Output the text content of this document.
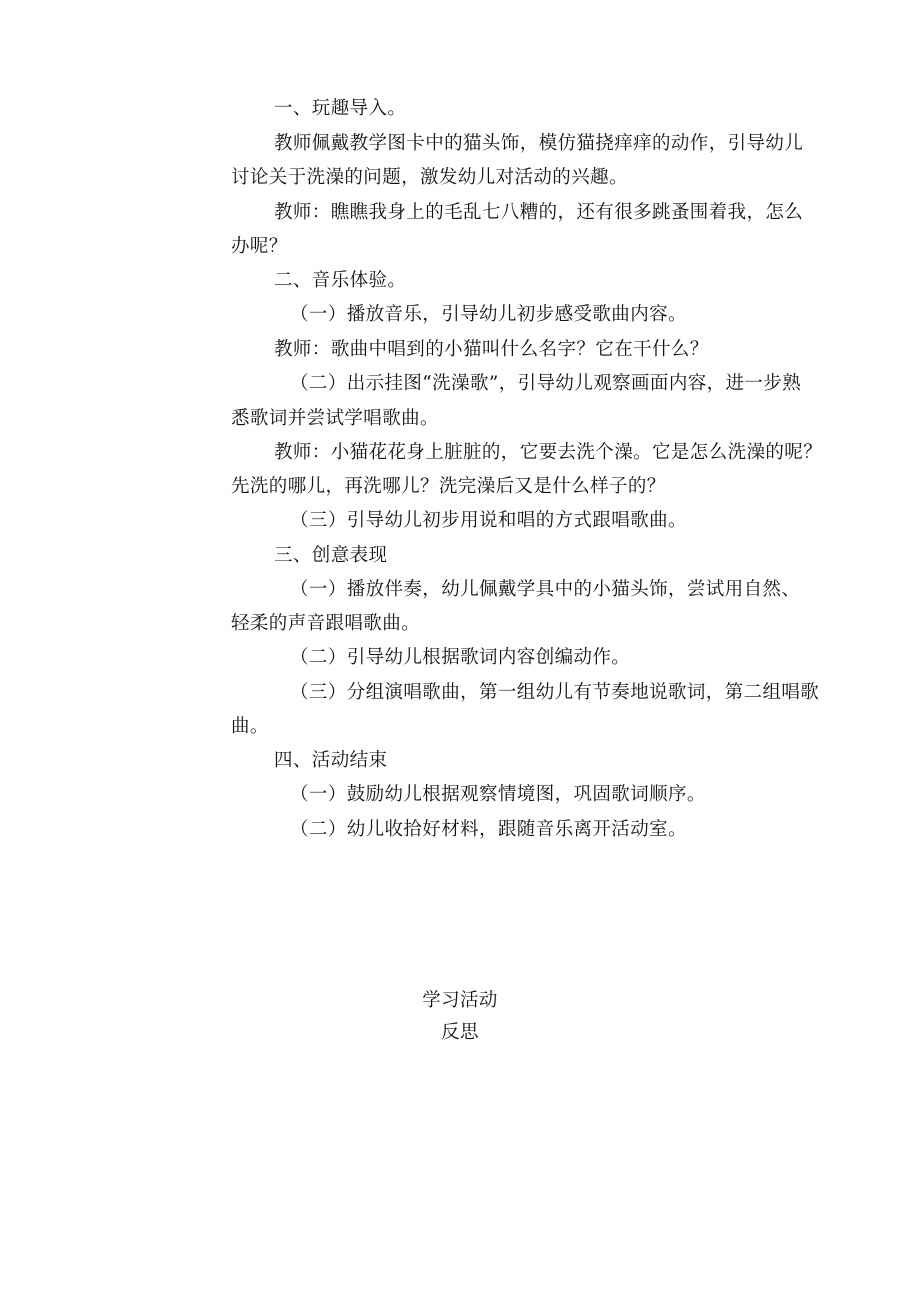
一、玩趣导入。
教师佩戴教学图卡中的猫头饰，模仿猫挠痒痒的动作，引导幼儿
讨论关于洗澡的问题，激发幼儿对活动的兴趣。
教师：瞧瞧我身上的毛乱七八糟的，还有很多跳蚤围着我，怎么
办呢？
二、音乐体验。
（一）播放音乐，引导幼儿初步感受歌曲内容。
教师：歌曲中唱到的小猫叫什么名字？它在干什么？
（二）出示挂图“洗澡歌”，引导幼儿观察画面内容，进一步熟
悉歌词并尝试学唱歌曲。
教师：小猫花花身上脏脏的，它要去洗个澡。它是怎么洗澡的呢？
先洗的哪儿，再洗哪儿？洗完澡后又是什么样子的？
（三）引导幼儿初步用说和唱的方式跟唱歌曲。
三、创意表现
（一）播放伴奏，幼儿佩戴学具中的小猫头饰，尝试用自然、
轻柔的声音跟唱歌曲。
（二）引导幼儿根据歌词内容创编动作。
（三）分组演唱歌曲，第一组幼儿有节奏地说歌词，第二组唱歌
曲。
四、活动结束
（一）鼓励幼儿根据观察情境图，巩固歌词顺序。
（二）幼儿收拾好材料，跟随音乐离开活动室。
学习活动
反思
